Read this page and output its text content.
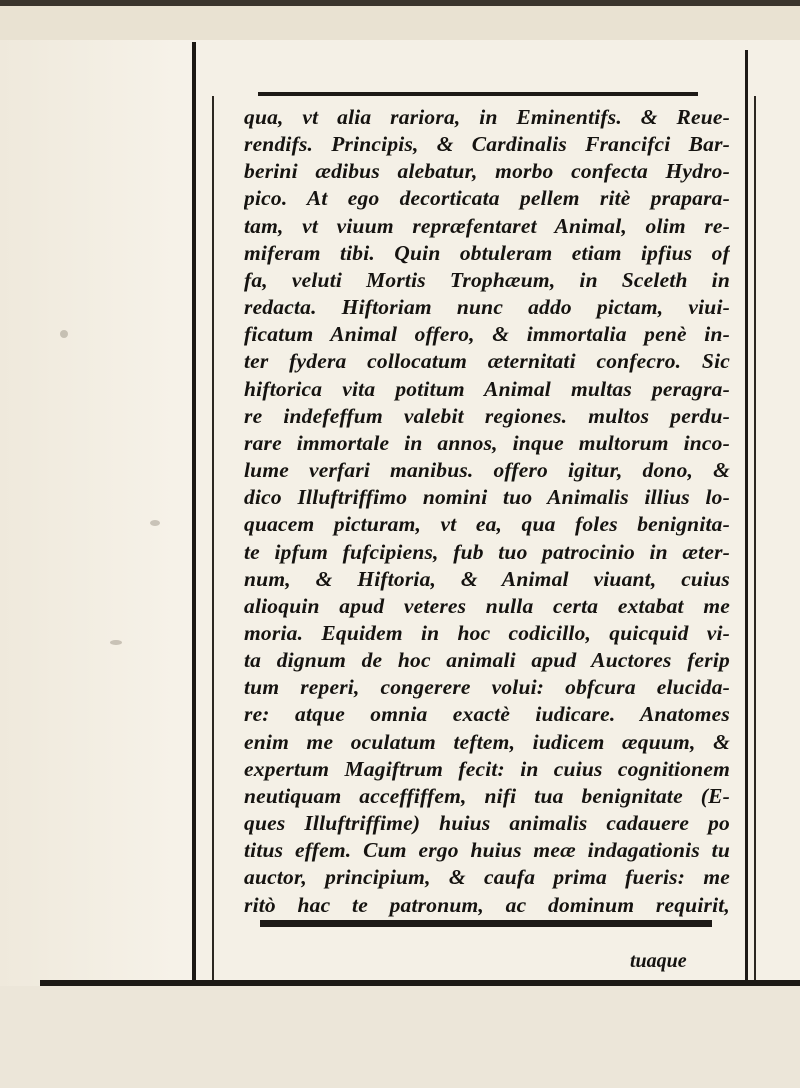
qua, vt alia rariora, in Eminentifs. & Reue-
rendifs. Principis, & Cardinalis Francifci Bar-
berini ædibus alebatur, morbo confecta Hydro-
pico. At ego decorticata pellem ritè prapara-
tam, vt viuum repræfentaret Animal, olim re-
miferam tibi. Quin obtuleram etiam ipfius of
fa, veluti Mortis Trophæum, in Sceleth in
redacta. Hiftoriam nunc addo pictam, viui-
ficatum Animal offero, & immortalia penè in-
ter fydera collocatum æternitati confecro. Sic
hiftorica vita potitum Animal multas peragra-
re indefeffum valebit regiones. multos perdu-
rare immortale in annos, inque multorum inco-
lume verfari manibus. offero igitur, dono, &
dico Illuftriffimo nomini tuo Animalis illius lo-
quacem picturam, vt ea, qua foles benignita-
te ipfum fufcipiens, fub tuo patrocinio in æter-
num, & Hiftoria, & Animal viuant, cuius
alioquin apud veteres nulla certa extabat me
moria. Equidem in hoc codicillo, quicquid vi-
ta dignum de hoc animali apud Auctores ferip
tum reperi, congerere volui: obfcura elucida-
re: atque omnia exactè iudicare. Anatomes
enim me oculatum teftem, iudicem æquum, &
expertum Magiftrum fecit: in cuius cognitionem
neutiquam acceffiffem, nifi tua benignitate (E-
ques Illuftriffime) huius animalis cadauere po
titus effem. Cum ergo huius meæ indagationis tu
auctor, principium, & caufa prima fueris: me
ritò hac te patronum, ac dominum requirit,
tuaque
